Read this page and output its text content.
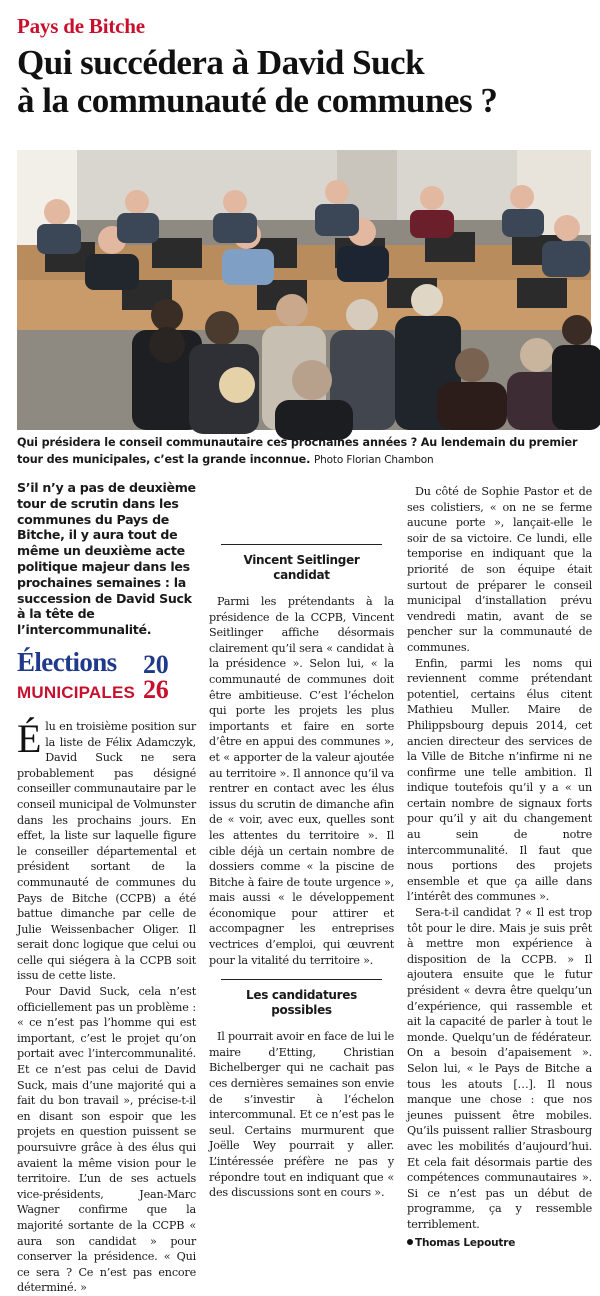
Pays de Bitche
Qui succédera à David Suck
à la communauté de communes ?
Qui présidera le conseil communautaire ces prochaines années ? Au lendemain du premier tour des municipales, c’est la grande inconnue. Photo Florian Chambon

S’il n’y a pas de deuxième tour de scrutin dans les communes du Pays de Bitche, il y aura tout de même un deuxième acte politique majeur dans les prochaines semaines : la succession de David Suck à la tête de l’intercommunalité.

Élections
MUNICIPALES
20
26

Élu en troisième position sur la liste de Félix Adamczyk, David Suck ne sera probablement pas désigné conseiller communautaire par le conseil municipal de Volmunster dans les prochains jours. En effet, la liste sur laquelle figure le conseiller départemental et président sortant de la communauté de communes du Pays de Bitche (CCPB) a été battue dimanche par celle de Julie Weissenbacher Oliger. Il serait donc logique que celui ou celle qui siégera à la CCPB soit issu de cette liste.

Pour David Suck, cela n’est officiellement pas un problème : « ce n’est pas l’homme qui est important, c’est le projet qu’on portait avec l’intercommunalité. Et ce n’est pas celui de David Suck, mais d’une majorité qui a fait du bon travail », précise-t-il en disant son espoir que les projets en question puissent se poursuivre grâce à des élus qui avaient la même vision pour le territoire. L’un de ses actuels vice-présidents, Jean-Marc Wagner confirme que la majorité sortante de la CCPB « aura son candidat » pour conserver la présidence. « Qui ce sera ? Ce n’est pas encore déterminé. »

Vincent Seitlinger candidat

Parmi les prétendants à la présidence de la CCPB, Vincent Seitlinger affiche désormais clairement qu’il sera « candidat à la présidence ». Selon lui, « la communauté de communes doit être ambitieuse. C’est l’échelon qui porte les projets les plus importants et faire en sorte d’être en appui des communes », et « apporter de la valeur ajoutée au territoire ». Il annonce qu’il va rentrer en contact avec les élus issus du scrutin de dimanche afin de « voir, avec eux, quelles sont les attentes du territoire ». Il cible déjà un certain nombre de dossiers comme « la piscine de Bitche à faire de toute urgence », mais aussi « le développement économique pour attirer et accompagner les entreprises vectrices d’emploi, qui œuvrent pour la vitalité du territoire ».

Les candidatures possibles

Il pourrait avoir en face de lui le maire d’Etting, Christian Bichelberger qui ne cachait pas ces dernières semaines son envie de s’investir à l’échelon intercommunal. Et ce n’est pas le seul. Certains murmurent que Joëlle Wey pourrait y aller. L’intéressée préfère ne pas y répondre tout en indiquant que « des discussions sont en cours ».

Du côté de Sophie Pastor et de ses colistiers, « on ne se ferme aucune porte », lançait-elle le soir de sa victoire. Ce lundi, elle temporise en indiquant que la priorité de son équipe était surtout de préparer le conseil municipal d’installation prévu vendredi matin, avant de se pencher sur la communauté de communes.

Enfin, parmi les noms qui reviennent comme prétendant potentiel, certains élus citent Mathieu Muller. Maire de Philippsbourg depuis 2014, cet ancien directeur des services de la Ville de Bitche n’infirme ni ne confirme une telle ambition. Il indique toutefois qu’il y a « un certain nombre de signaux forts pour qu’il y ait du changement au sein de notre intercommunalité. Il faut que nous portions des projets ensemble et que ça aille dans l’intérêt des communes ».

Sera-t-il candidat ? « Il est trop tôt pour le dire. Mais je suis prêt à mettre mon expérience à disposition de la CCPB. » Il ajoutera ensuite que le futur président « devra être quelqu’un d’expérience, qui rassemble et ait la capacité de parler à tout le monde. Quelqu’un de fédérateur. On a besoin d’apaisement ». Selon lui, « le Pays de Bitche a tous les atouts […]. Il nous manque une chose : que nos jeunes puissent être mobiles. Qu’ils puissent rallier Strasbourg avec les mobilités d’aujourd’hui. Et cela fait désormais partie des compétences communautaires ». Si ce n’est pas un début de programme, ça y ressemble terriblement.

Thomas Lepoutre
